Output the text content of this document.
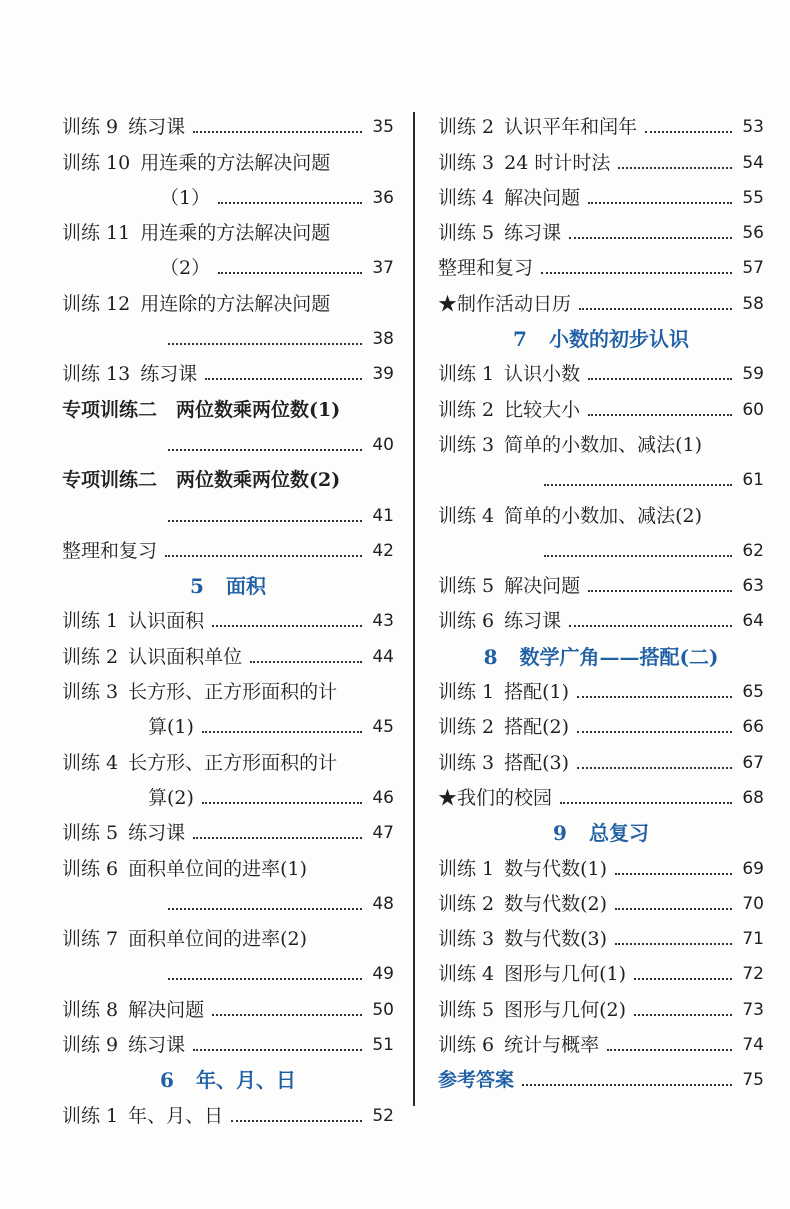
训练 9 练习课	35
训练 10 用连乘的方法解决问题
（1）	36
训练 11 用连乘的方法解决问题
（2）	37
训练 12 用连除的方法解决问题
38
训练 13 练习课	39
专项训练二　两位数乘两位数(1)
40
专项训练二　两位数乘两位数(2)
41
整理和复习	42
5 面积
训练 1 认识面积	43
训练 2 认识面积单位	44
训练 3 长方形、正方形面积的计
算(1)	45
训练 4 长方形、正方形面积的计
算(2)	46
训练 5 练习课	47
训练 6 面积单位间的进率(1)
48
训练 7 面积单位间的进率(2)
49
训练 8 解决问题	50
训练 9 练习课	51
6 年、月、日
训练 1 年、月、日	52
训练 2 认识平年和闰年	53
训练 3 24 时计时法	54
训练 4 解决问题	55
训练 5 练习课	56
整理和复习	57
★制作活动日历	58
7 小数的初步认识
训练 1 认识小数	59
训练 2 比较大小	60
训练 3 简单的小数加、减法(1)
61
训练 4 简单的小数加、减法(2)
62
训练 5 解决问题	63
训练 6 练习课	64
8 数学广角——搭配(二)
训练 1 搭配(1)	65
训练 2 搭配(2)	66
训练 3 搭配(3)	67
★我们的校园	68
9 总复习
训练 1 数与代数(1)	69
训练 2 数与代数(2)	70
训练 3 数与代数(3)	71
训练 4 图形与几何(1)	72
训练 5 图形与几何(2)	73
训练 6 统计与概率	74
参考答案	75
